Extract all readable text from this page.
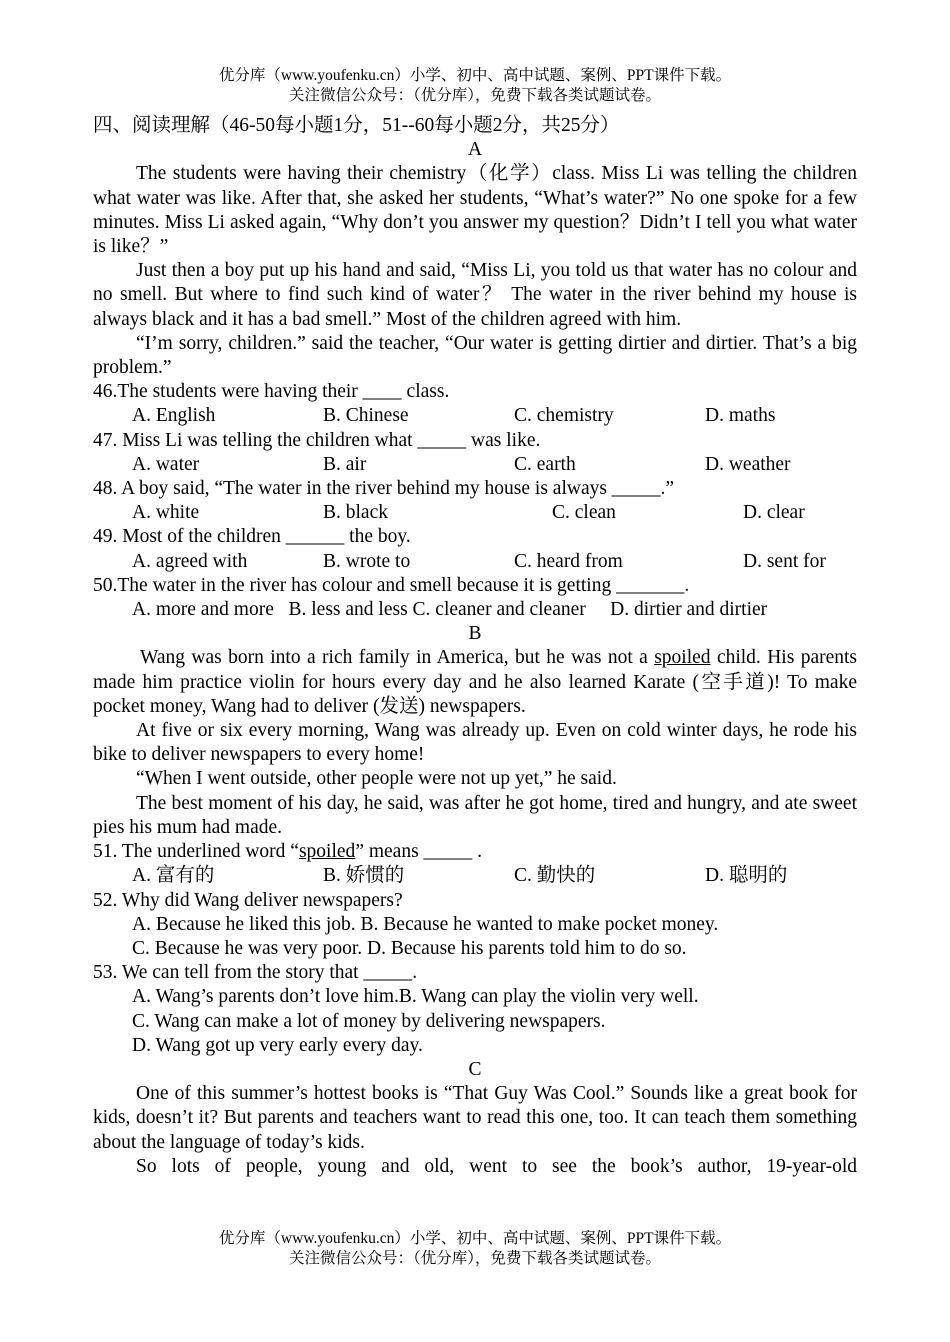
优分库（www.youfenku.cn）小学、初中、高中试题、案例、PPT课件下载。
关注微信公众号：（优分库），免费下载各类试题试卷。

四、阅读理解（46-50每小题1分，51--60每小题2分，共25分）

A

The students were having their chemistry（化学）class. Miss Li was telling the children what water was like. After that, she asked her students, “What’s water?” No one spoke for a few minutes. Miss Li asked again, “Why don’t you answer my question？Didn’t I tell you what water is like？”

Just then a boy put up his hand and said, “Miss Li, you told us that water has no colour and no smell. But where to find such kind of water？ The water in the river behind my house is always black and it has a bad smell.” Most of the children agreed with him.

“I’m sorry, children.” said the teacher, “Our water is getting dirtier and dirtier. That’s a big problem.”

46.The students were having their ____ class.

A. English	B. Chinese	C. chemistry	D. maths

47. Miss Li was telling the children what _____ was like.

A. water	B. air	C. earth	D. weather

48. A boy said, “The water in the river behind my house is always _____.”

A. white	B. black	C. clean	D. clear

49. Most of the children ______ the boy.

A. agreed with	B. wrote to	C. heard from	D. sent for

50.The water in the river has colour and smell because it is getting _______.

A. more and more   B. less and less C. cleaner and cleaner     D. dirtier and dirtier

B

Wang was born into a rich family in America, but he was not a spoiled child. His parents made him practice violin for hours every day and he also learned Karate (空手道)! To make pocket money, Wang had to deliver (发送) newspapers.

At five or six every morning, Wang was already up. Even on cold winter days, he rode his bike to deliver newspapers to every home!

“When I went outside, other people were not up yet,” he said.

The best moment of his day, he said, was after he got home, tired and hungry, and ate sweet pies his mum had made.

51. The underlined word “spoiled” means _____ .

A. 富有的	B. 娇惯的	C. 勤快的	D. 聪明的

52. Why did Wang deliver newspapers?

A. Because he liked this job. B. Because he wanted to make pocket money.

C. Because he was very poor. D. Because his parents told him to do so.

53. We can tell from the story that _____.

A. Wang’s parents don’t love him.B. Wang can play the violin very well.

C. Wang can make a lot of money by delivering newspapers.

D. Wang got up very early every day.

C

One of this summer’s hottest books is “That Guy Was Cool.” Sounds like a great book for kids, doesn’t it? But parents and teachers want to read this one, too. It can teach them something about the language of today’s kids.

So lots of people, young and old, went to see the book’s author, 19-year-old

优分库（www.youfenku.cn）小学、初中、高中试题、案例、PPT课件下载。
关注微信公众号：（优分库），免费下载各类试题试卷。
